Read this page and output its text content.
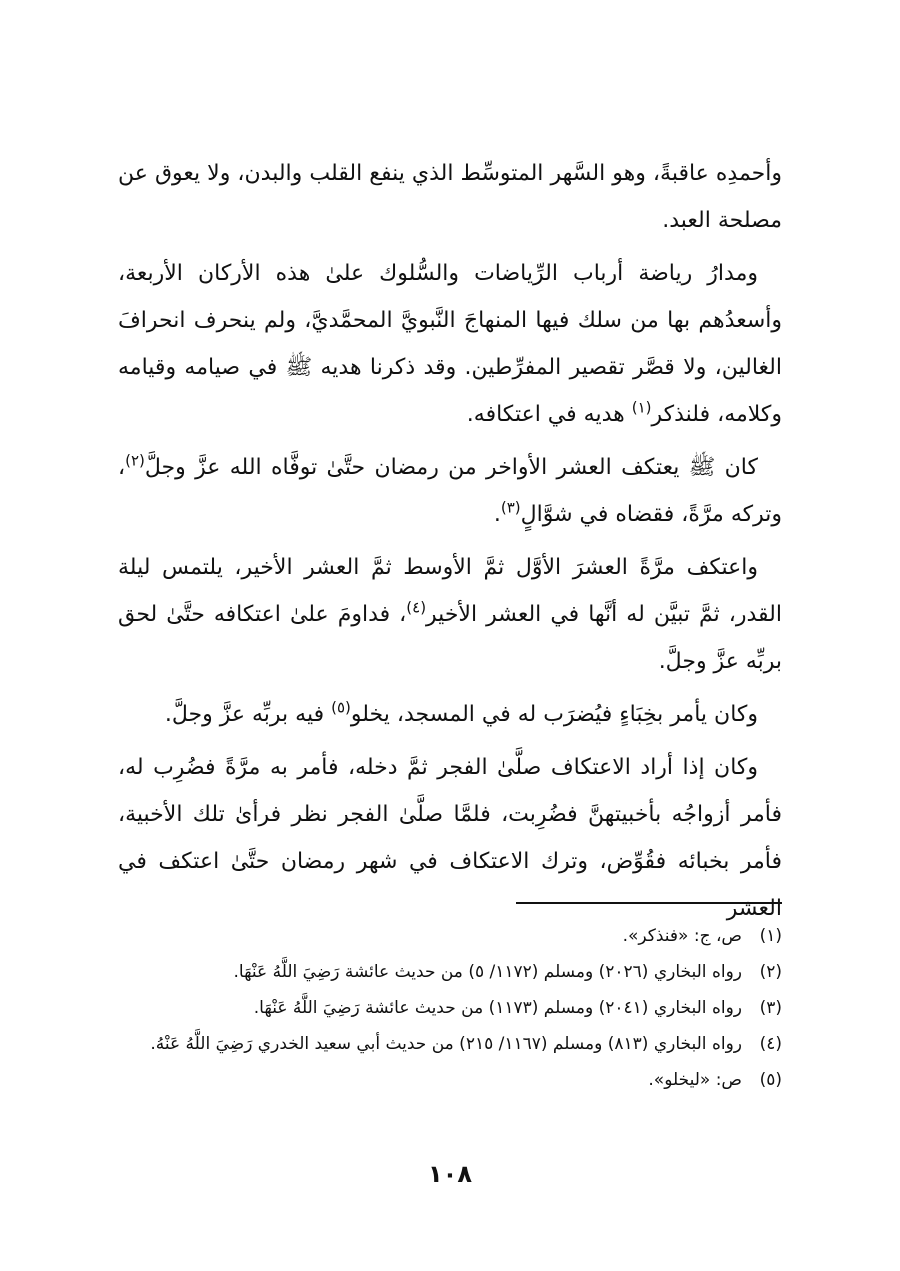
وأحمدِه عاقبةً، وهو السَّهر المتوسِّط الذي ينفع القلب والبدن، ولا يعوق عن مصلحة العبد.

ومدارُ رياضة أرباب الرِّياضات والسُّلوك علىٰ هذه الأركان الأربعة، وأسعدُهم بها من سلك فيها المنهاجَ النَّبويَّ المحمَّديَّ، ولم ينحرف انحرافَ الغالين، ولا قصَّر تقصير المفرِّطين. وقد ذكرنا هديه ﷺ في صيامه وقيامه وكلامه، فلنذكر$^{(١)}$ هديه في اعتكافه.

كان ﷺ يعتكف العشر الأواخر من رمضان حتَّىٰ توفَّاه الله عزَّ وجلَّ$^{(٢)}$، وتركه مرَّةً، فقضاه في شوَّالٍ$^{(٣)}$.

واعتكف مرَّةً العشرَ الأوَّل ثمَّ الأوسط ثمَّ العشر الأخير، يلتمس ليلة القدر، ثمَّ تبيَّن له أنَّها في العشر الأخير$^{(٤)}$، فداومَ علىٰ اعتكافه حتَّىٰ لحق بربِّه عزَّ وجلَّ.

وكان يأمر بخِبَاءٍ فيُضرَب له في المسجد، يخلو$^{(٥)}$ فيه بربِّه عزَّ وجلَّ.

وكان إذا أراد الاعتكاف صلَّىٰ الفجر ثمَّ دخله، فأمر به مرَّةً فضُرِب له، فأمر أزواجُه بأخبيتهنَّ فضُرِبت، فلمَّا صلَّىٰ الفجر نظر فرأىٰ تلك الأخبية، فأمر بخبائه فقُوِّض، وترك الاعتكاف في شهر رمضان حتَّىٰ اعتكف في العشر

(١)
ص، ج: «فنذكر».
(٢)
رواه البخاري (٢٠٢٦) ومسلم (١١٧٢/ ٥) من حديث عائشة رَضِيَ اللَّهُ عَنْهَا.
(٣)
رواه البخاري (٢٠٤١) ومسلم (١١٧٣) من حديث عائشة رَضِيَ اللَّهُ عَنْهَا.
(٤)
رواه البخاري (٨١٣) ومسلم (١١٦٧/ ٢١٥) من حديث أبي سعيد الخدري رَضِيَ اللَّهُ عَنْهُ.
(٥)
ص: «ليخلو».
١٠٨
